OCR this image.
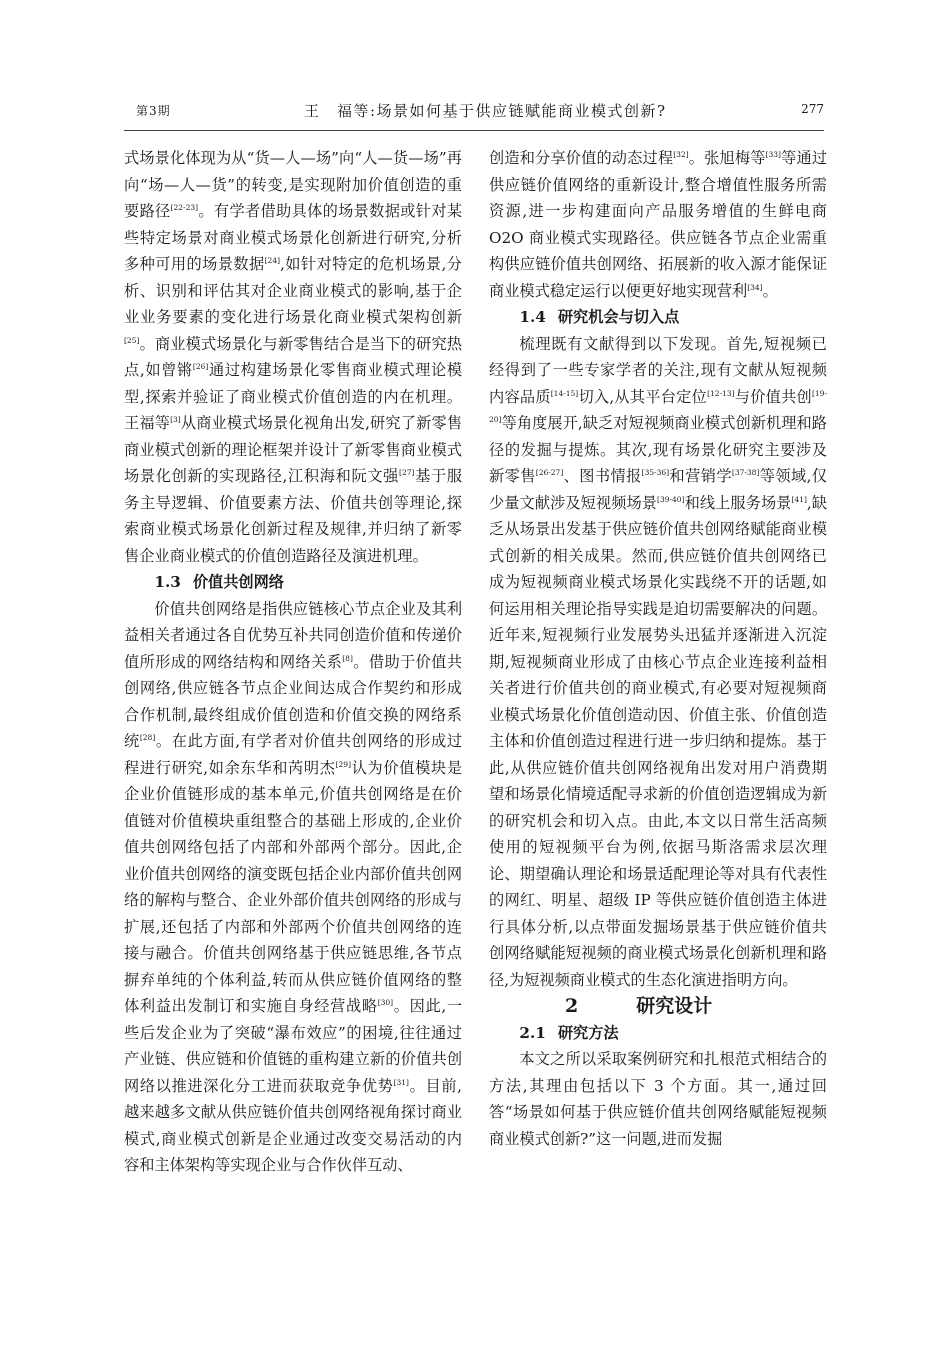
第3期	王　福等:场景如何基于供应链赋能商业模式创新?	277

式场景化体现为从“货—人—场”向“人—货—场”再向“场—人—货”的转变,是实现附加价值创造的重要路径[22-23]。有学者借助具体的场景数据或针对某些特定场景对商业模式场景化创新进行研究,分析多种可用的场景数据[24],如针对特定的危机场景,分析、识别和评估其对企业商业模式的影响,基于企业业务要素的变化进行场景化商业模式架构创新[25]。商业模式场景化与新零售结合是当下的研究热点,如曾锵[26]通过构建场景化零售商业模式理论模型,探索并验证了商业模式价值创造的内在机理。王福等[3]从商业模式场景化视角出发,研究了新零售商业模式创新的理论框架并设计了新零售商业模式场景化创新的实现路径,江积海和阮文强[27]基于服务主导逻辑、价值要素方法、价值共创等理论,探索商业模式场景化创新过程及规律,并归纳了新零售企业商业模式的价值创造路径及演进机理。

1.3 价值共创网络

价值共创网络是指供应链核心节点企业及其利益相关者通过各自优势互补共同创造价值和传递价值所形成的网络结构和网络关系[8]。借助于价值共创网络,供应链各节点企业间达成合作契约和形成合作机制,最终组成价值创造和价值交换的网络系统[28]。在此方面,有学者对价值共创网络的形成过程进行研究,如余东华和芮明杰[29]认为价值模块是企业价值链形成的基本单元,价值共创网络是在价值链对价值模块重组整合的基础上形成的,企业价值共创网络包括了内部和外部两个部分。因此,企业价值共创网络的演变既包括企业内部价值共创网络的解构与整合、企业外部价值共创网络的形成与扩展,还包括了内部和外部两个价值共创网络的连接与融合。价值共创网络基于供应链思维,各节点摒弃单纯的个体利益,转而从供应链价值网络的整体利益出发制订和实施自身经营战略[30]。因此,一些后发企业为了突破“瀑布效应”的困境,往往通过产业链、供应链和价值链的重构建立新的价值共创网络以推进深化分工进而获取竞争优势[31]。目前,越来越多文献从供应链价值共创网络视角探讨商业模式,商业模式创新是企业通过改变交易活动的内容和主体架构等实现企业与合作伙伴互动、

创造和分享价值的动态过程[32]。张旭梅等[33]等通过供应链价值网络的重新设计,整合增值性服务所需资源,进一步构建面向产品服务增值的生鲜电商 O2O 商业模式实现路径。供应链各节点企业需重构供应链价值共创网络、拓展新的收入源才能保证商业模式稳定运行以便更好地实现营利[34]。

1.4 研究机会与切入点

梳理既有文献得到以下发现。首先,短视频已经得到了一些专家学者的关注,现有文献从短视频内容品质[14-15]切入,从其平台定位[12-13]与价值共创[19-20]等角度展开,缺乏对短视频商业模式创新机理和路径的发掘与提炼。其次,现有场景化研究主要涉及新零售[26-27]、图书情报[35-36]和营销学[37-38]等领域,仅少量文献涉及短视频场景[39-40]和线上服务场景[41],缺乏从场景出发基于供应链价值共创网络赋能商业模式创新的相关成果。然而,供应链价值共创网络已成为短视频商业模式场景化实践绕不开的话题,如何运用相关理论指导实践是迫切需要解决的问题。近年来,短视频行业发展势头迅猛并逐渐进入沉淀期,短视频商业形成了由核心节点企业连接利益相关者进行价值共创的商业模式,有必要对短视频商业模式场景化价值创造动因、价值主张、价值创造主体和价值创造过程进行进一步归纳和提炼。基于此,从供应链价值共创网络视角出发对用户消费期望和场景化情境适配寻求新的价值创造逻辑成为新的研究机会和切入点。由此,本文以日常生活高频使用的短视频平台为例,依据马斯洛需求层次理论、期望确认理论和场景适配理论等对具有代表性的网红、明星、超级 IP 等供应链价值创造主体进行具体分析,以点带面发掘场景基于供应链价值共创网络赋能短视频的商业模式场景化创新机理和路径,为短视频商业模式的生态化演进指明方向。

2	研究设计

2.1 研究方法

本文之所以采取案例研究和扎根范式相结合的方法,其理由包括以下 3 个方面。其一,通过回答“场景如何基于供应链价值共创网络赋能短视频商业模式创新?”这一问题,进而发掘
